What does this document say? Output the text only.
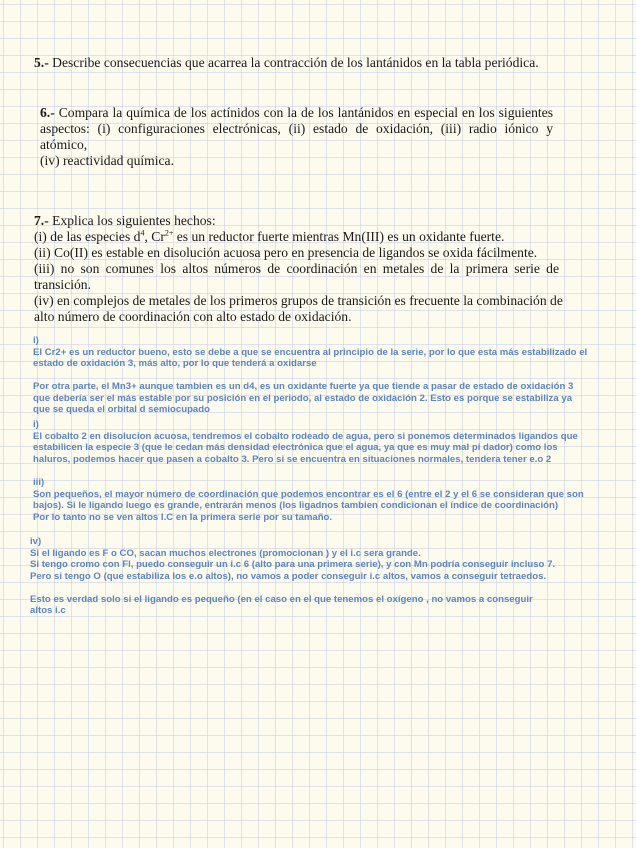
5.- Describe consecuencias que acarrea la contracción de los lantánidos en la tabla periódica.
6.- Compara la química de los actínidos con la de los lantánidos en especial en los siguientes
aspectos: (i) configuraciones electrónicas, (ii) estado de oxidación, (iii) radio iónico y atómico,
(iv) reactividad química.
7.- Explica los siguientes hechos:
(i) de las especies $d^4$, $Cr^{2+}$ es un reductor fuerte mientras Mn(III) es un oxidante fuerte.
(ii) Co(II) es estable en disolución acuosa pero en presencia de ligandos se oxida fácilmente.
(iii) no son comunes los altos números de coordinación en metales de la primera serie de
transición.
(iv) en complejos de metales de los primeros grupos de transición es frecuente la combinación de
alto número de coordinación con alto estado de oxidación.
i)
El Cr2+ es un reductor bueno, esto se debe a que se encuentra al principio de la serie, por lo que esta más estabilizado el
estado de oxidación 3, más alto, por lo que tenderá a oxidarse

Por otra parte, el Mn3+ aunque tambien es un d4, es un oxidante fuerte ya que tiende a pasar de estado de oxidación 3
que debería ser el más estable por su posición en el periodo, al estado de oxidación 2. Esto es porque se estabiliza ya
que se queda el orbital d semiocupado
i)
El cobalto 2 en disolucion acuosa, tendremos el cobalto rodeado de agua, pero si ponemos determinados ligandos que
estabilicen la especie 3 (que le cedan más densidad electrónica que el agua, ya que es muy mal pi dador) como los
haluros, podemos hacer que pasen a cobalto 3. Pero si se encuentra en situaciones normales, tendera tener e.o 2
iii)
Son pequeños, el mayor número de coordinación que podemos encontrar es el 6 (entre el 2 y el 6 se consideran que son
bajos). Si le ligando luego es grande, entrarán menos (los ligadnos tambien condicionan el índice de coordinación)
Por lo tanto no se ven altos I.C en la primera serie por su tamaño.
iv)
Si el ligando es F o CO, sacan muchos electrones (promocionan ) y el i.c sera grande.
Si tengo cromo con Fl, puedo conseguir un i.c 6 (alto para una primera serie), y con Mn podría conseguir incluso 7.
Pero si tengo O (que estabiliza los e.o altos), no vamos a poder conseguir i.c altos, vamos a conseguir tetraedos.

Esto es verdad solo si el ligando es pequeño (en el caso en el que tenemos el oxígeno , no vamos a conseguir
altos i.c
